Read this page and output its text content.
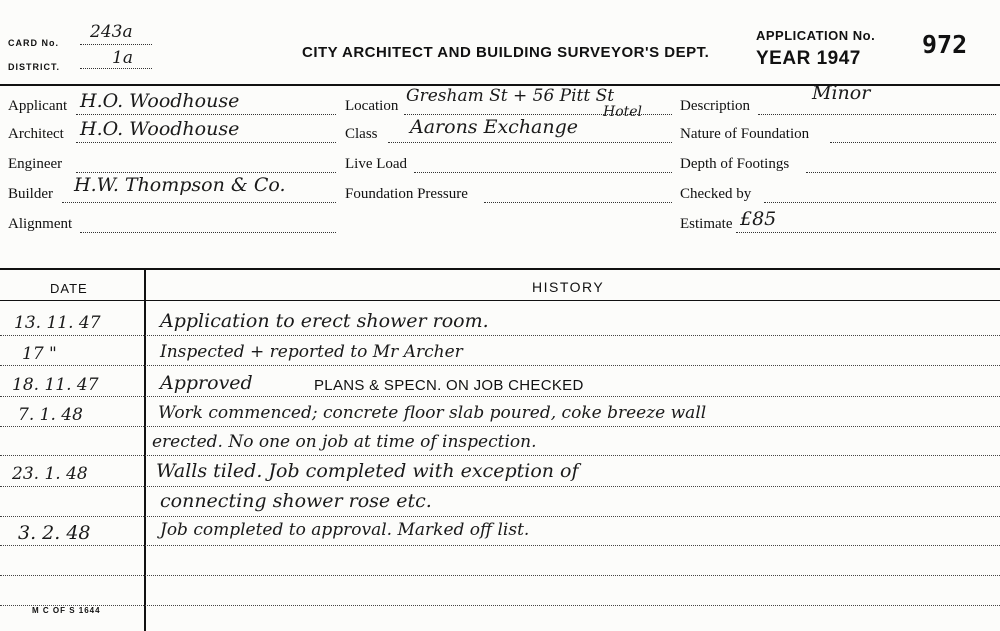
CARD No.
243a
DISTRICT.	1a	CITY ARCHITECT AND BUILDING SURVEYOR'S DEPT.
APPLICATION No.
YEAR 1947 972
Applicant H.O. Woodhouse
Architect H.O. Woodhouse
Engineer
Builder H.W. Thompson & Co.
Alignment
Location Gresham St + 56 Pitt St
Class Aarons Exchange
Hotel
Live Load
Foundation Pressure
Description
Minor
Nature of Foundation
Depth of Footings
Checked by
Estimate £85
DATE	HISTORY
13. 11. 47	Application to erect shower room.
17 "	Inspected + reported to Mr Archer
18. 11. 47	Approved	PLANS & SPECN. ON JOB CHECKED
7. 1. 48	Work commenced; concrete floor slab poured, coke breeze wall
erected. No one on job at time of inspection.
23. 1. 48	Walls tiled. Job completed with exception of
connecting shower rose etc.
3. 2. 48	Job completed to approval. Marked off list.
M C OF S 1644
